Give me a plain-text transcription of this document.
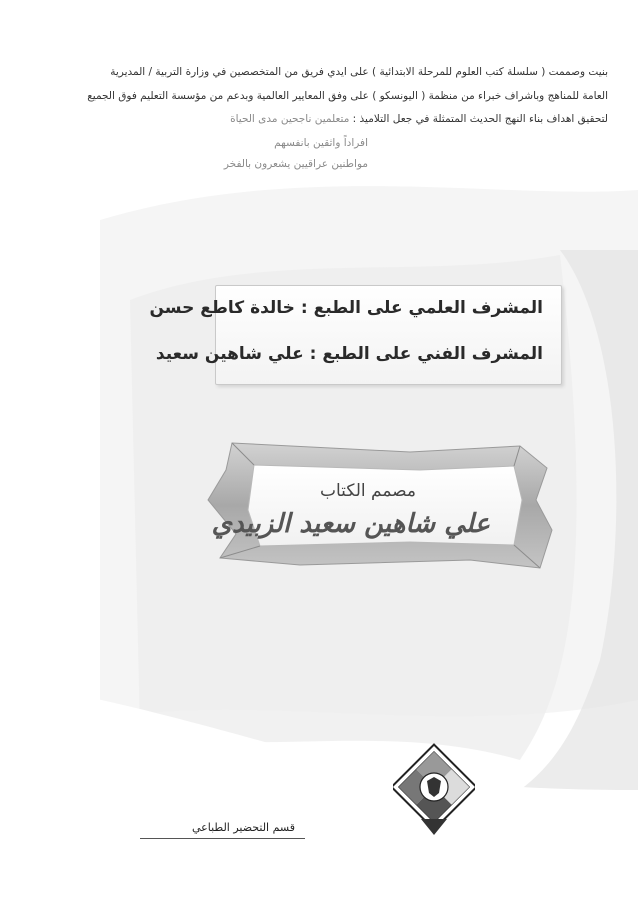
بنيت وصممت ( سلسلة كتب العلوم للمرحلة الابتدائية ) على ايدي فريق من المتخصصين في وزارة التربية / المديرية
العامة للمناهج وباشراف خبراء من منظمة ( اليونسكو ) على وفق المعايير العالمية وبدعم من مؤسسة التعليم فوق الجميع
لتحقيق اهداف بناء النهج الحديث المتمثلة في جعل التلاميذ : متعلمين ناجحين مدى الحياة
افراداً واثقين بانفسهم
مواطنين عراقيين يشعرون بالفخر
المشرف العلمي على الطبع : خالدة كاطع حسن
المشرف الفني على الطبع : علي شاهين سعيد
مصمم الكتاب
علي شاهين سعيد الزبيدي
قسم التحضير الطباعي
